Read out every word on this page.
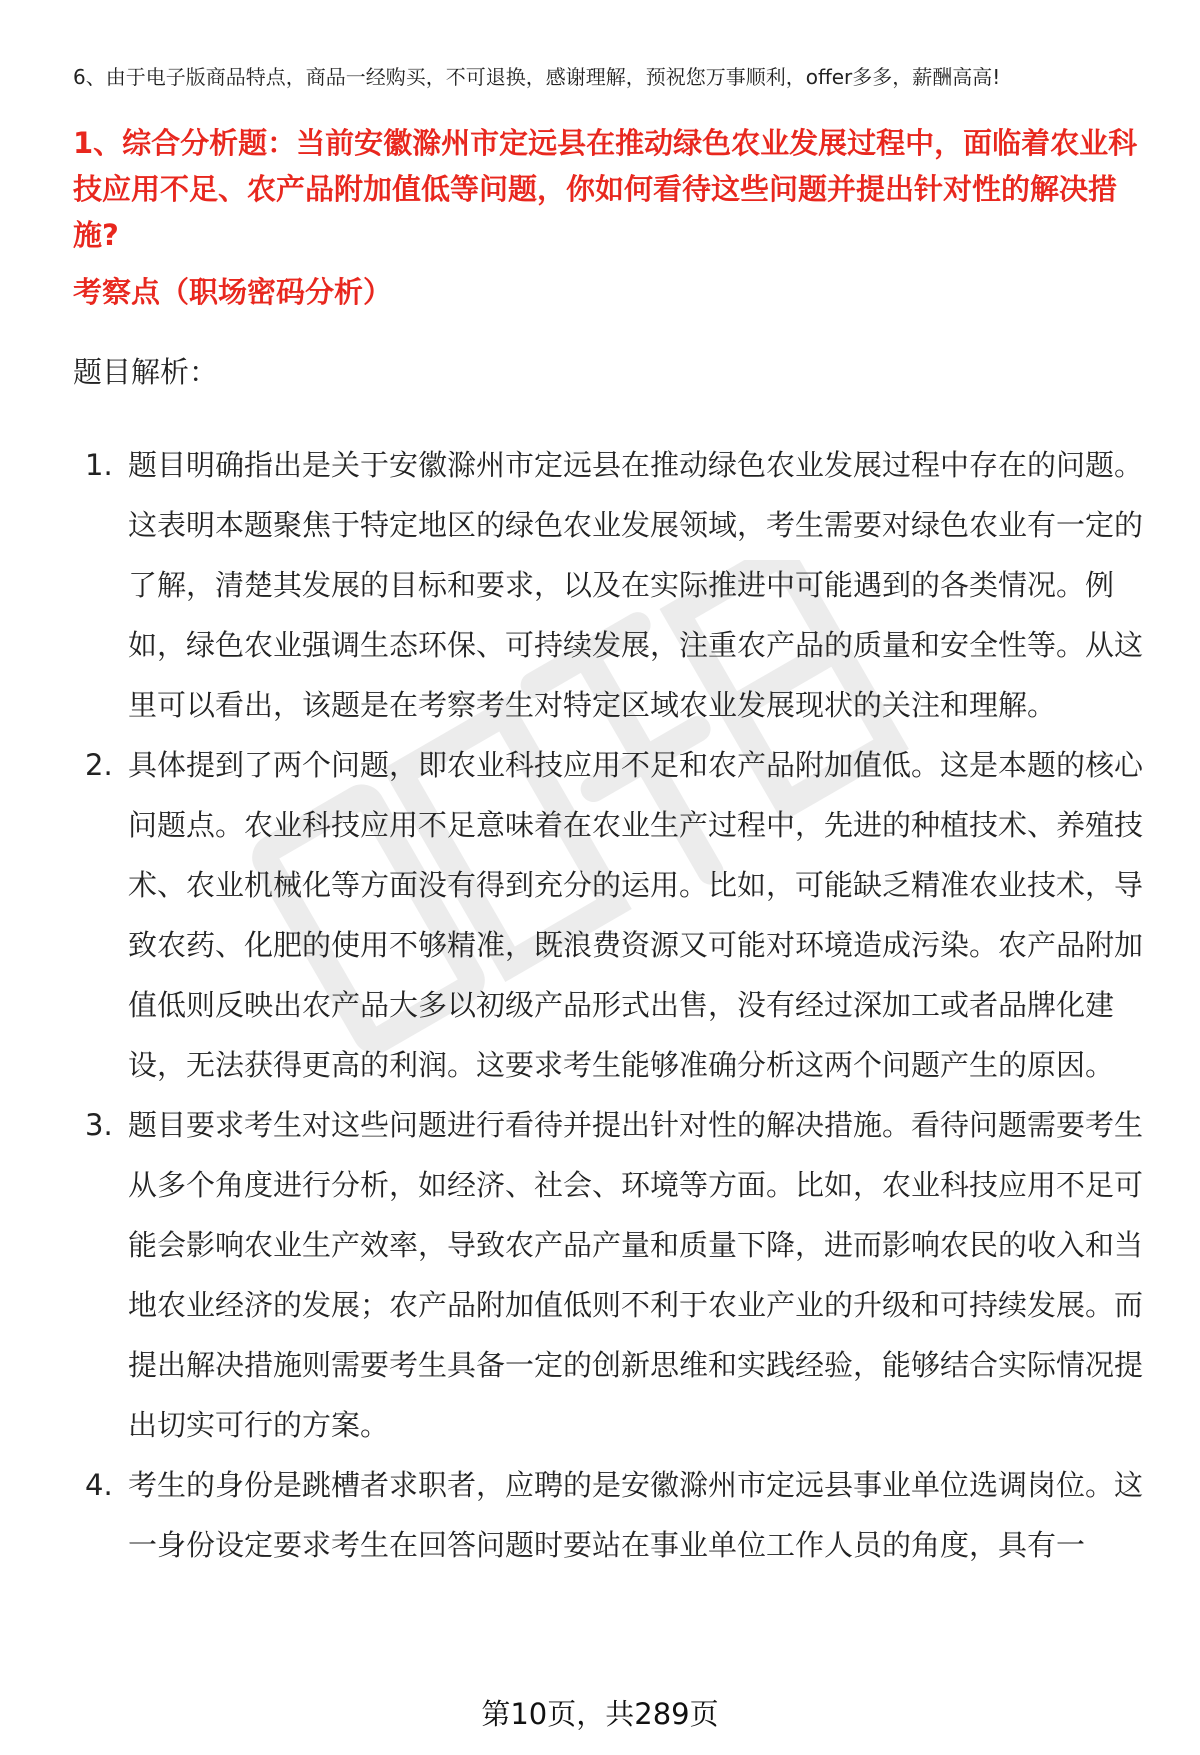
6、由于电子版商品特点，商品一经购买，不可退换，感谢理解，预祝您万事顺利，offer多多，薪酬高高!
1、综合分析题：当前安徽滁州市定远县在推动绿色农业发展过程中，面临着农业科技应用不足、农产品附加值低等问题，你如何看待这些问题并提出针对性的解决措施?
考察点（职场密码分析）
题目解析：
1. 题目明确指出是关于安徽滁州市定远县在推动绿色农业发展过程中存在的问题。这表明本题聚焦于特定地区的绿色农业发展领域，考生需要对绿色农业有一定的了解，清楚其发展的目标和要求，以及在实际推进中可能遇到的各类情况。例如，绿色农业强调生态环保、可持续发展，注重农产品的质量和安全性等。从这里可以看出，该题是在考察考生对特定区域农业发展现状的关注和理解。
2. 具体提到了两个问题，即农业科技应用不足和农产品附加值低。这是本题的核心问题点。农业科技应用不足意味着在农业生产过程中，先进的种植技术、养殖技术、农业机械化等方面没有得到充分的运用。比如，可能缺乏精准农业技术，导致农药、化肥的使用不够精准，既浪费资源又可能对环境造成污染。农产品附加值低则反映出农产品大多以初级产品形式出售，没有经过深加工或者品牌化建设，无法获得更高的利润。这要求考生能够准确分析这两个问题产生的原因。
3. 题目要求考生对这些问题进行看待并提出针对性的解决措施。看待问题需要考生从多个角度进行分析，如经济、社会、环境等方面。比如，农业科技应用不足可能会影响农业生产效率，导致农产品产量和质量下降，进而影响农民的收入和当地农业经济的发展；农产品附加值低则不利于农业产业的升级和可持续发展。而提出解决措施则需要考生具备一定的创新思维和实践经验，能够结合实际情况提出切实可行的方案。
4. 考生的身份是跳槽者求职者，应聘的是安徽滁州市定远县事业单位选调岗位。这一身份设定要求考生在回答问题时要站在事业单位工作人员的角度，具有一
第10页，共289页
